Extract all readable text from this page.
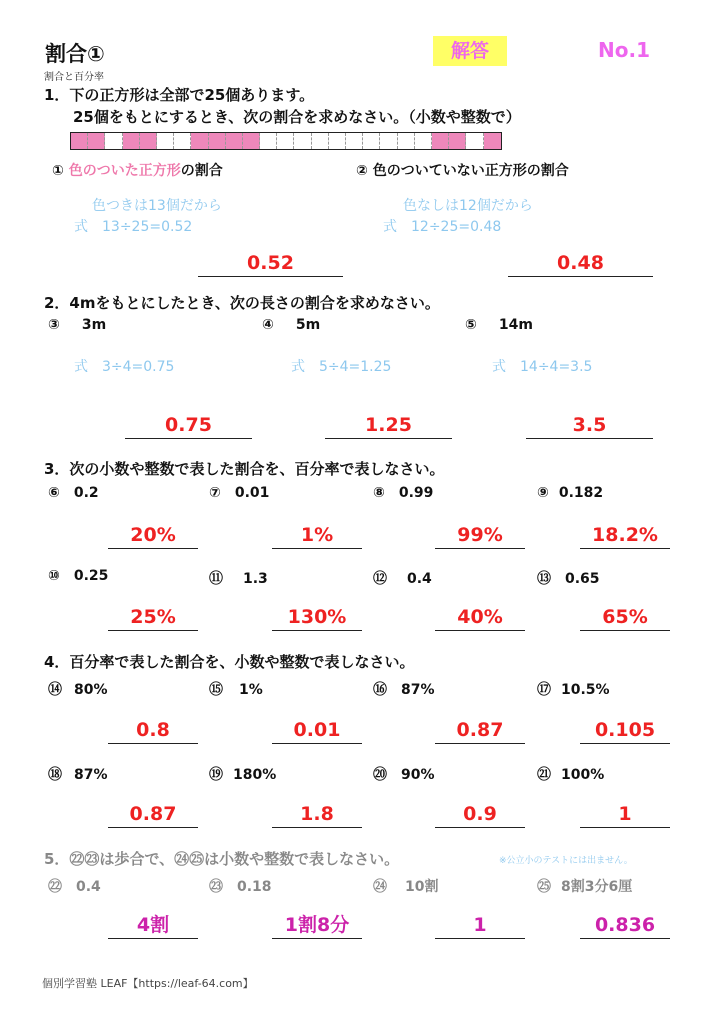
割合①
割合と百分率
解答	No.1
1．下の正方形は全部で25個あります。
25個をもとにするとき、次の割合を求めなさい。（小数や整数で）
① 色のついた正方形の割合	② 色のついていない正方形の割合
色つきは13個だから
式　13÷25=0.52
色なしは12個だから
式　12÷25=0.48
0.52	0.48
2．4mをもとにしたとき、次の長さの割合を求めなさい。
③ 3m	④ 5m	⑤ 14m
式　3÷4=0.75	式　5÷4=1.25	式　14÷4=3.5
0.75	1.25	3.5
3．次の小数や整数で表した割合を、百分率で表しなさい。
⑥ 0.2	⑦ 0.01	⑧ 0.99	⑨ 0.182
20%	1%	99%	18.2%
⑩ 0.25	⑪ 1.3	⑫ 0.4	⑬ 0.65
25%	130%	40%	65%
4．百分率で表した割合を、小数や整数で表しなさい。
⑭ 80%	⑮ 1%	⑯ 87%	⑰ 10.5%
0.8	0.01	0.87	0.105
⑱ 87%	⑲ 180%	⑳ 90%	㉑ 100%
0.87	1.8	0.9	1
5．㉒㉓は歩合で、㉔㉕は小数や整数で表しなさい。	※公立小のテストには出ません。
㉒ 0.4	㉓ 0.18	㉔ 10割	㉕ 8割3分6厘
4割	1割8分	1	0.836
個別学習塾 LEAF【https://leaf-64.com】
